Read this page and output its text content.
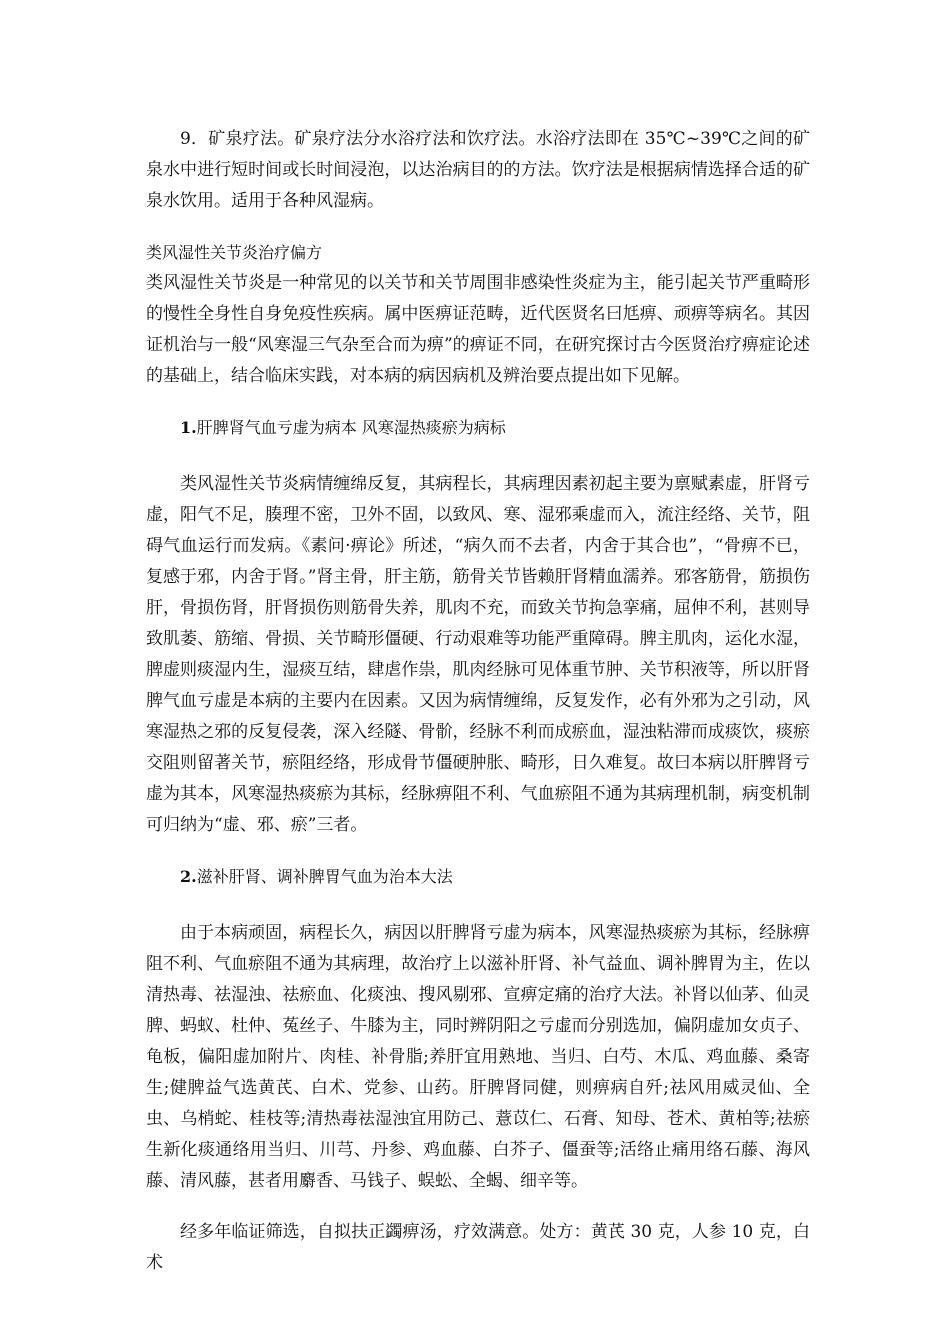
9．矿泉疗法。矿泉疗法分水浴疗法和饮疗法。水浴疗法即在 35℃~39℃之间的矿泉水中进行短时间或长时间浸泡，以达治病目的的方法。饮疗法是根据病情选择合适的矿泉水饮用。适用于各种风湿病。

类风湿性关节炎治疗偏方

类风湿性关节炎是一种常见的以关节和关节周围非感染性炎症为主，能引起关节严重畸形的慢性全身性自身免疫性疾病。属中医痹证范畴，近代医贤名曰尪痹、顽痹等病名。其因证机治与一般“风寒湿三气杂至合而为痹”的痹证不同，在研究探讨古今医贤治疗痹症论述的基础上，结合临床实践，对本病的病因病机及辨治要点提出如下见解。

1.肝脾肾气血亏虚为病本 风寒湿热痰瘀为病标

类风湿性关节炎病情缠绵反复，其病程长，其病理因素初起主要为禀赋素虚，肝肾亏虚，阳气不足，腠理不密，卫外不固，以致风、寒、湿邪乘虚而入，流注经络、关节，阻碍气血运行而发病。《素问·痹论》所述，“病久而不去者，内舍于其合也”，“骨痹不已，复感于邪，内舍于肾。”肾主骨，肝主筋，筋骨关节皆赖肝肾精血濡养。邪客筋骨，筋损伤肝，骨损伤肾，肝肾损伤则筋骨失养，肌肉不充，而致关节拘急挛痛，屈伸不利，甚则导致肌萎、筋缩、骨损、关节畸形僵硬、行动艰难等功能严重障碍。脾主肌肉，运化水湿，脾虚则痰湿内生，湿痰互结，肆虐作祟，肌肉经脉可见体重节肿、关节积液等，所以肝肾脾气血亏虚是本病的主要内在因素。又因为病情缠绵，反复发作，必有外邪为之引动，风寒湿热之邪的反复侵袭，深入经隧、骨骱，经脉不利而成瘀血，湿浊粘滞而成痰饮，痰瘀交阻则留著关节，瘀阻经络，形成骨节僵硬肿胀、畸形，日久难复。故曰本病以肝脾肾亏虚为其本，风寒湿热痰瘀为其标，经脉痹阻不利、气血瘀阻不通为其病理机制，病变机制可归纳为“虚、邪、瘀”三者。

2.滋补肝肾、调补脾胃气血为治本大法

由于本病顽固，病程长久，病因以肝脾肾亏虚为病本，风寒湿热痰瘀为其标，经脉痹阻不利、气血瘀阻不通为其病理，故治疗上以滋补肝肾、补气益血、调补脾胃为主，佐以清热毒、祛湿浊、祛瘀血、化痰浊、搜风剔邪、宣痹定痛的治疗大法。补肾以仙茅、仙灵脾、蚂蚁、杜仲、菟丝子、牛膝为主，同时辨阴阳之亏虚而分别选加，偏阴虚加女贞子、龟板，偏阳虚加附片、肉桂、补骨脂;养肝宜用熟地、当归、白芍、木瓜、鸡血藤、桑寄生;健脾益气选黄芪、白术、党参、山药。肝脾肾同健，则痹病自歼;祛风用威灵仙、全虫、乌梢蛇、桂枝等;清热毒祛湿浊宜用防己、薏苡仁、石膏、知母、苍术、黄柏等;祛瘀生新化痰通络用当归、川芎、丹参、鸡血藤、白芥子、僵蚕等;活络止痛用络石藤、海风藤、清风藤，甚者用麝香、马钱子、蜈蚣、全蝎、细辛等。

经多年临证筛选，自拟扶正蠲痹汤，疗效满意。处方：黄芪 30 克，人参 10 克，白术
